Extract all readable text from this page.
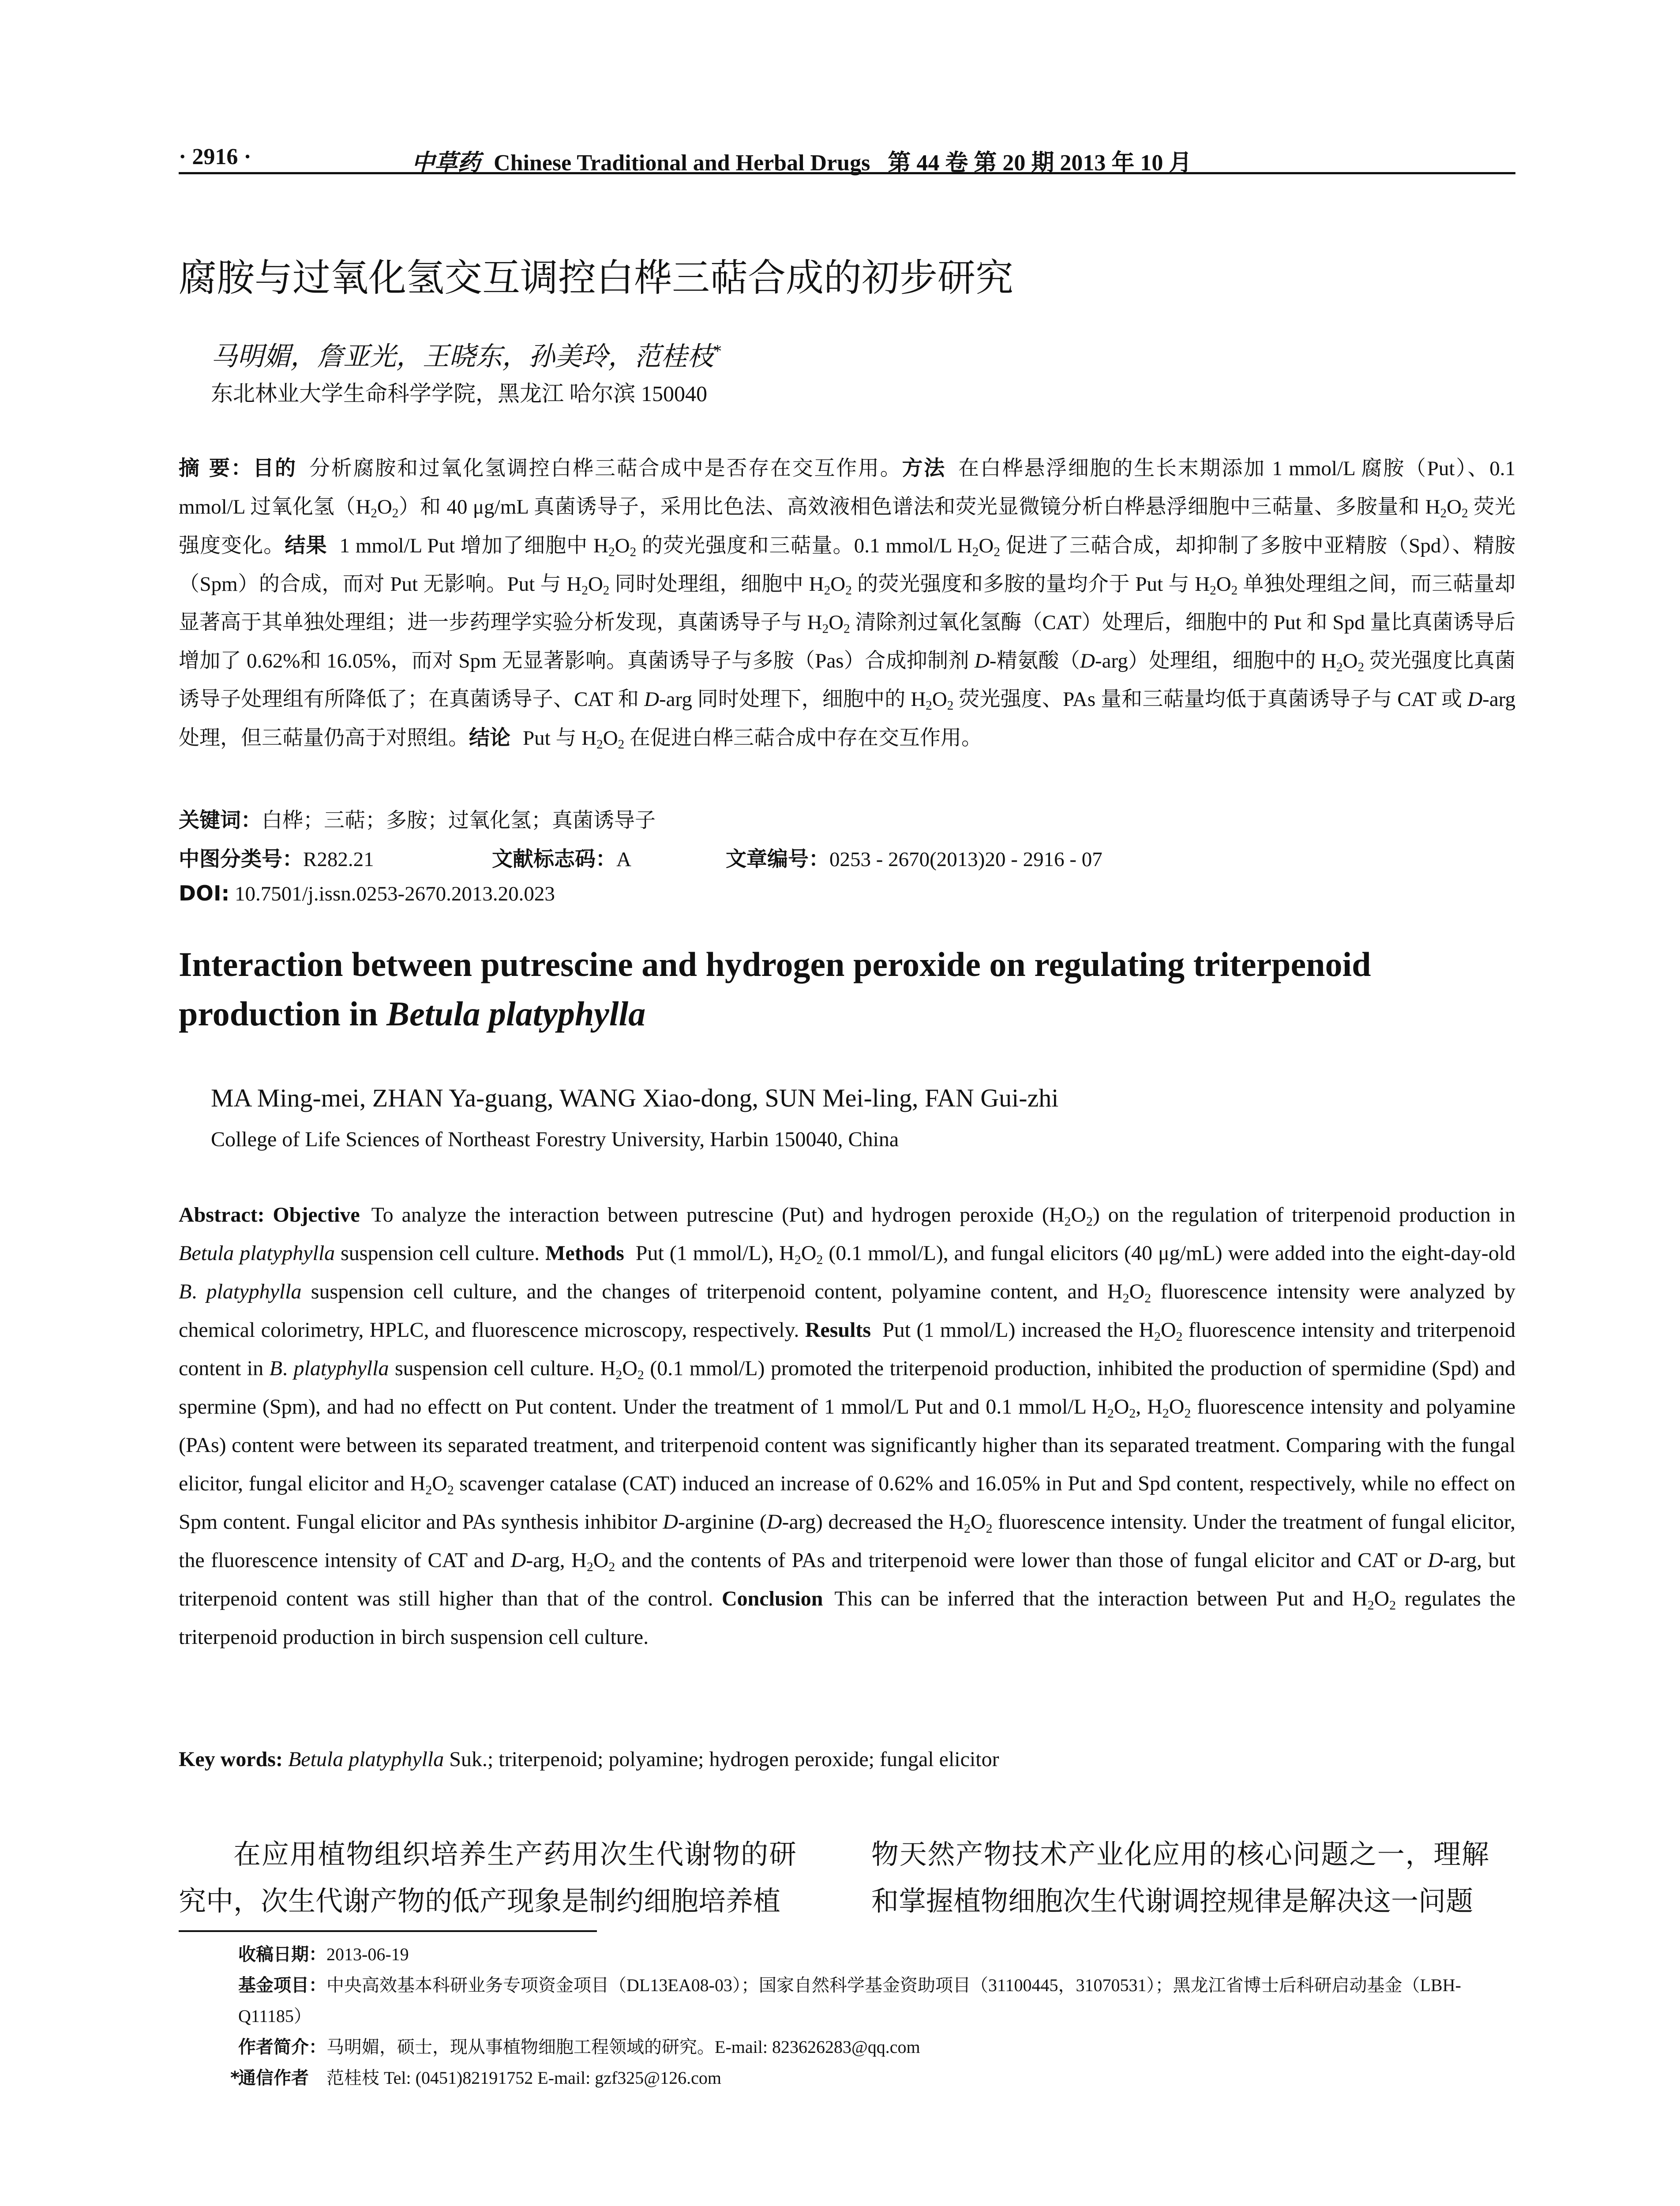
· 2916 ·	中草药 Chinese Traditional and Herbal Drugs 第 44 卷 第 20 期 2013 年 10 月
腐胺与过氧化氢交互调控白桦三萜合成的初步研究
马明媚，詹亚光，王晓东，孙美玲，范桂枝*
东北林业大学生命科学学院，黑龙江 哈尔滨 150040
摘 要：目的 分析腐胺和过氧化氢调控白桦三萜合成中是否存在交互作用。方法 在白桦悬浮细胞的生长末期添加 1 mmol/L 腐胺（Put）、0.1 mmol/L 过氧化氢$(H_2O_2)$和 40 μg/mL 真菌诱导子，采用比色法、高效液相色谱法和荧光显微镜分析白桦悬浮细胞中三萜量、多胺量和 $H_2O_2$ 荧光强度变化。结果 1 mmol/L Put 增加了细胞中 $H_2O_2$ 的荧光强度和三萜量。0.1 mmol/L $H_2O_2$ 促进了三萜合成，却抑制了多胺中亚精胺（Spd）、精胺（Spm）的合成，而对 Put 无影响。Put 与 $H_2O_2$ 同时处理组，细胞中 $H_2O_2$ 的荧光强度和多胺的量均介于 Put 与 $H_2O_2$ 单独处理组之间，而三萜量却显著高于其单独处理组；进一步药理学实验分析发现，真菌诱导子与 $H_2O_2$ 清除剂过氧化氢酶（CAT）处理后，细胞中的 Put 和 Spd 量比真菌诱导后增加了 0.62%和 16.05%，而对 Spm 无显著影响。真菌诱导子与多胺（Pas）合成抑制剂 D-精氨酸（D-arg）处理组，细胞中的 $H_2O_2$ 荧光强度比真菌诱导子处理组有所降低了；在真菌诱导子、CAT 和 D-arg 同时处理下，细胞中的 $H_2O_2$ 荧光强度、PAs 量和三萜量均低于真菌诱导子与 CAT 或 D-arg 处理，但三萜量仍高于对照组。结论 Put 与 $H_2O_2$ 在促进白桦三萜合成中存在交互作用。
关键词：白桦；三萜；多胺；过氧化氢；真菌诱导子
中图分类号：R282.21	文献标志码：A	文章编号：0253 - 2670(2013)20 - 2916 - 07
DOI: 10.7501/j.issn.0253-2670.2013.20.023
Interaction between putrescine and hydrogen peroxide on regulating triterpenoid production in Betula platyphylla
MA Ming-mei, ZHAN Ya-guang, WANG Xiao-dong, SUN Mei-ling, FAN Gui-zhi
College of Life Sciences of Northeast Forestry University, Harbin 150040, China
Abstract: Objective To analyze the interaction between putrescine (Put) and hydrogen peroxide $(H_2O_2)$ on the regulation of triterpenoid production in Betula platyphylla suspension cell culture. Methods Put (1 mmol/L), $H_2O_2$ (0.1 mmol/L), and fungal elicitors (40 μg/mL) were added into the eight-day-old B. platyphylla suspension cell culture, and the changes of triterpenoid content, polyamine content, and $H_2O_2$ fluorescence intensity were analyzed by chemical colorimetry, HPLC, and fluorescence microscopy, respectively. Results Put (1 mmol/L) increased the $H_2O_2$ fluorescence intensity and triterpenoid content in B. platyphylla suspension cell culture. $H_2O_2$ (0.1 mmol/L) promoted the triterpenoid production, inhibited the production of spermidine (Spd) and spermine (Spm), and had no effectt on Put content. Under the treatment of 1 mmol/L Put and 0.1 mmol/L $H_2O_2$, $H_2O_2$ fluorescence intensity and polyamine (PAs) content were between its separated treatment, and triterpenoid content was significantly higher than its separated treatment. Comparing with the fungal elicitor, fungal elicitor and $H_2O_2$ scavenger catalase (CAT) induced an increase of 0.62% and 16.05% in Put and Spd content, respectively, while no effect on Spm content. Fungal elicitor and PAs synthesis inhibitor D-arginine (D-arg) decreased the $H_2O_2$ fluorescence intensity. Under the treatment of fungal elicitor, the fluorescence intensity of CAT and D-arg, $H_2O_2$ and the contents of PAs and triterpenoid were lower than those of fungal elicitor and CAT or D-arg, but triterpenoid content was still higher than that of the control. Conclusion This can be inferred that the interaction between Put and $H_2O_2$ regulates the triterpenoid production in birch suspension cell culture.
Key words: Betula platyphylla Suk.; triterpenoid; polyamine; hydrogen peroxide; fungal elicitor
在应用植物组织培养生产药用次生代谢物的研究中，次生代谢产物的低产现象是制约细胞培养植
物天然产物技术产业化应用的核心问题之一，理解和掌握植物细胞次生代谢调控规律是解决这一问题
收稿日期：2013-06-19
基金项目：中央高效基本科研业务专项资金项目（DL13EA08-03）；国家自然科学基金资助项目（31100445，31070531）；黑龙江省博士后科研启动基金（LBH-Q11185）
作者简介：马明媚，硕士，现从事植物细胞工程领域的研究。E-mail: 823626283@qq.com
*
通信作者 范桂枝 Tel: (0451)82191752 E-mail: gzf325@126.com
